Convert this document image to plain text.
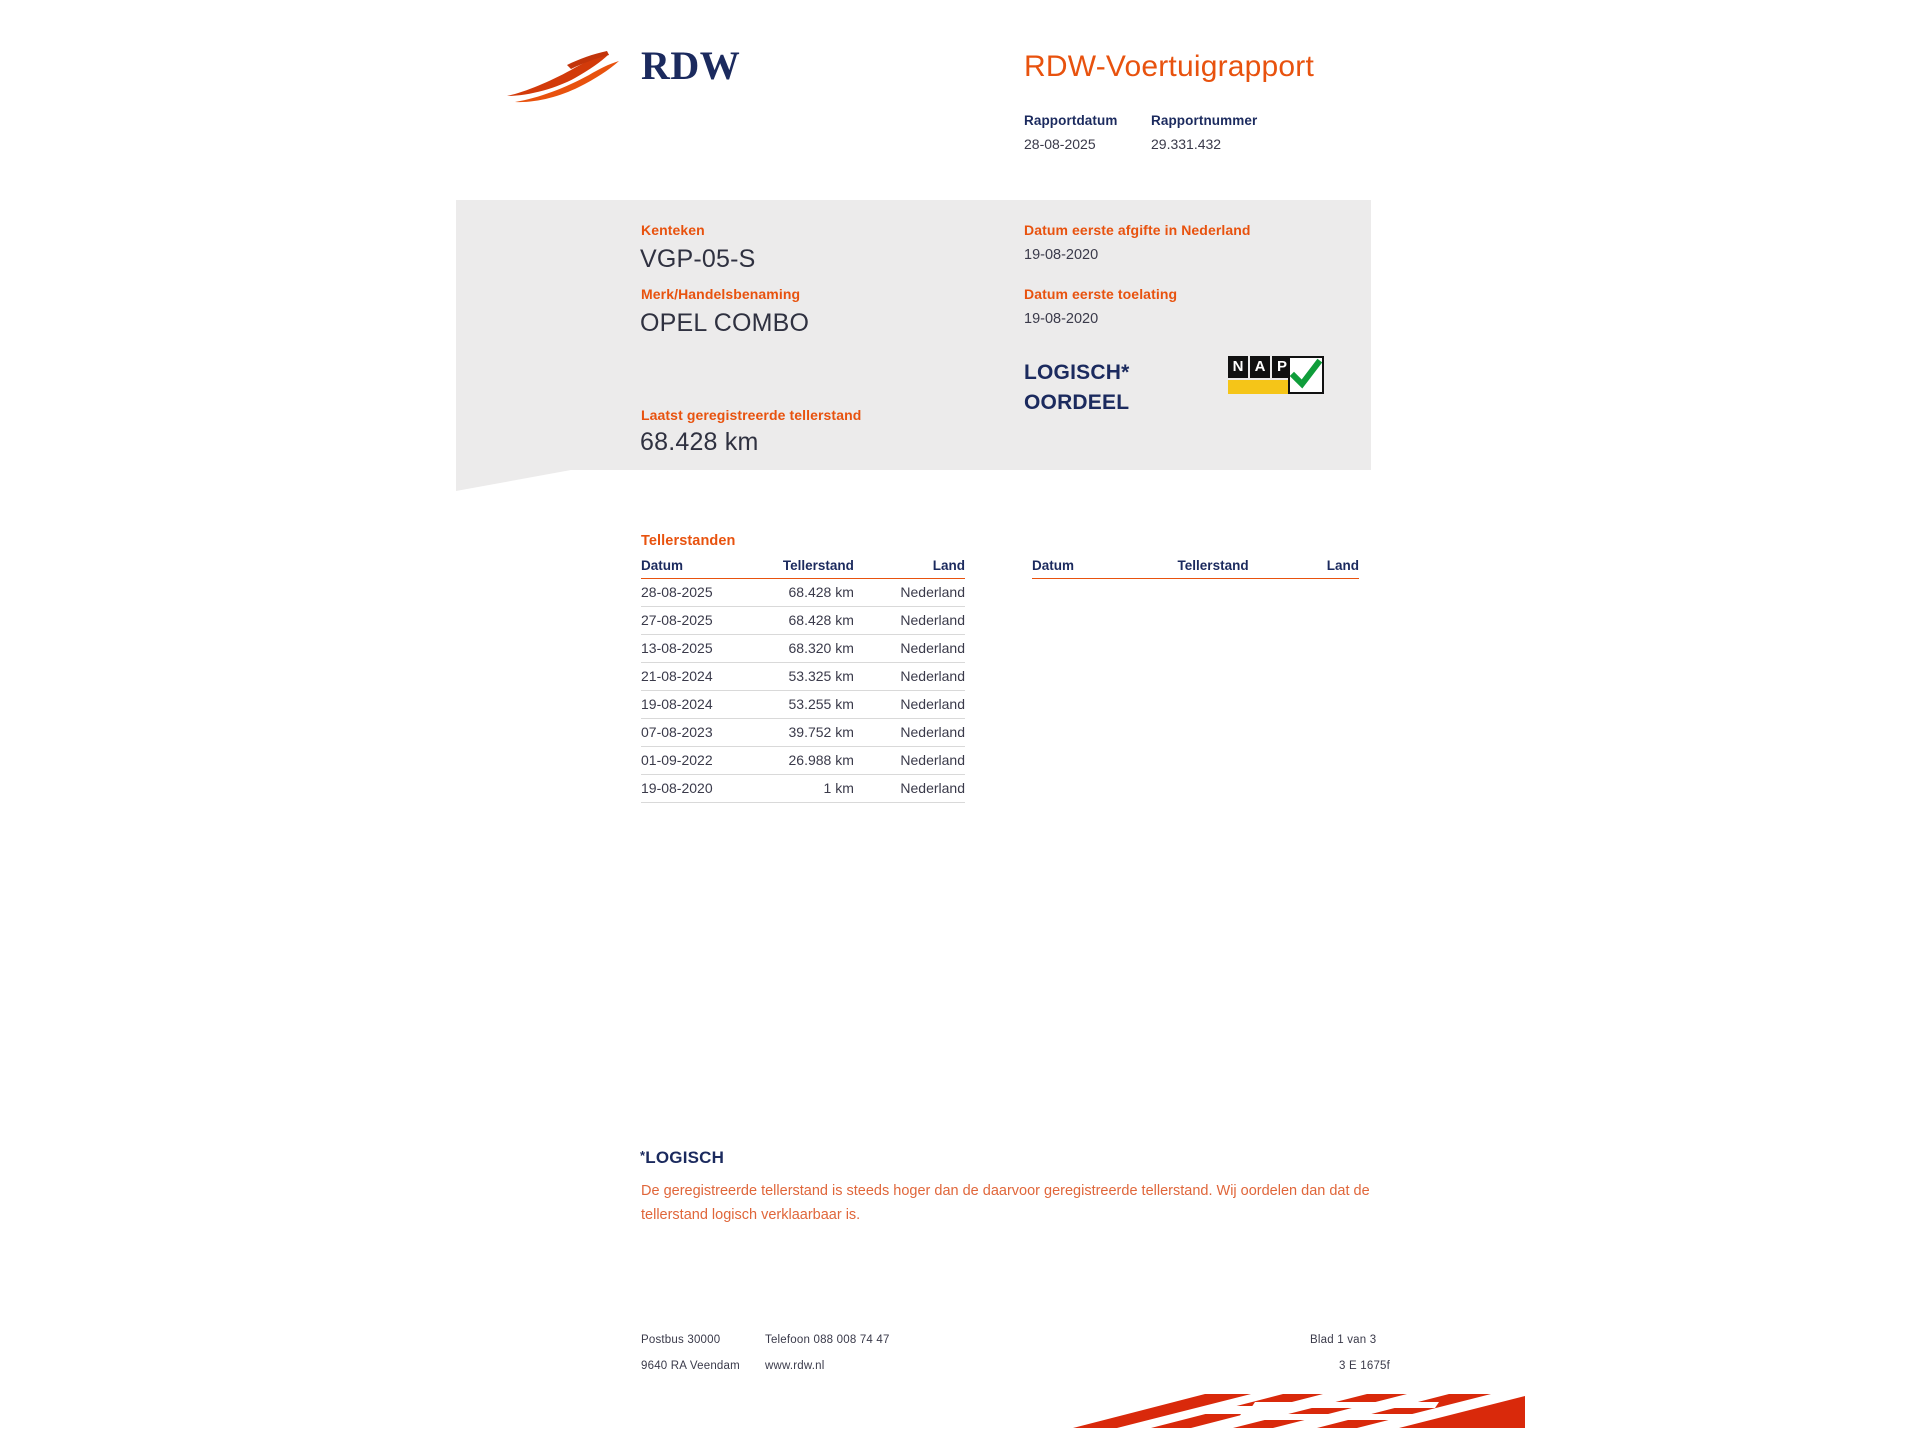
RDW	RDW-Voertuigrapport
Rapportdatum
28-08-2025
Rapportnummer
29.331.432
Kenteken
VGP-05-S
Merk/Handelsbenaming
OPEL COMBO
Laatst geregistreerde tellerstand
68.428 km
Datum eerste afgifte in Nederland
19-08-2020
Datum eerste toelating
19-08-2020
LOGISCH*
OORDEEL
N A P
Tellerstanden
Datum	Tellerstand	Land
28-08-2025	68.428 km	Nederland
27-08-2025	68.428 km	Nederland
13-08-2025	68.320 km	Nederland
21-08-2024	53.325 km	Nederland
19-08-2024	53.255 km	Nederland
07-08-2023	39.752 km	Nederland
01-09-2022	26.988 km	Nederland
19-08-2020	1 km	Nederland
Datum	Tellerstand	Land
*LOGISCH
De geregistreerde tellerstand is steeds hoger dan de daarvoor geregistreerde tellerstand. Wij oordelen dan dat de tellerstand logisch verklaarbaar is.
Postbus 30000
9640 RA Veendam
Telefoon 088 008 74 47
www.rdw.nl
Blad 1 van 3
3 E 1675f
